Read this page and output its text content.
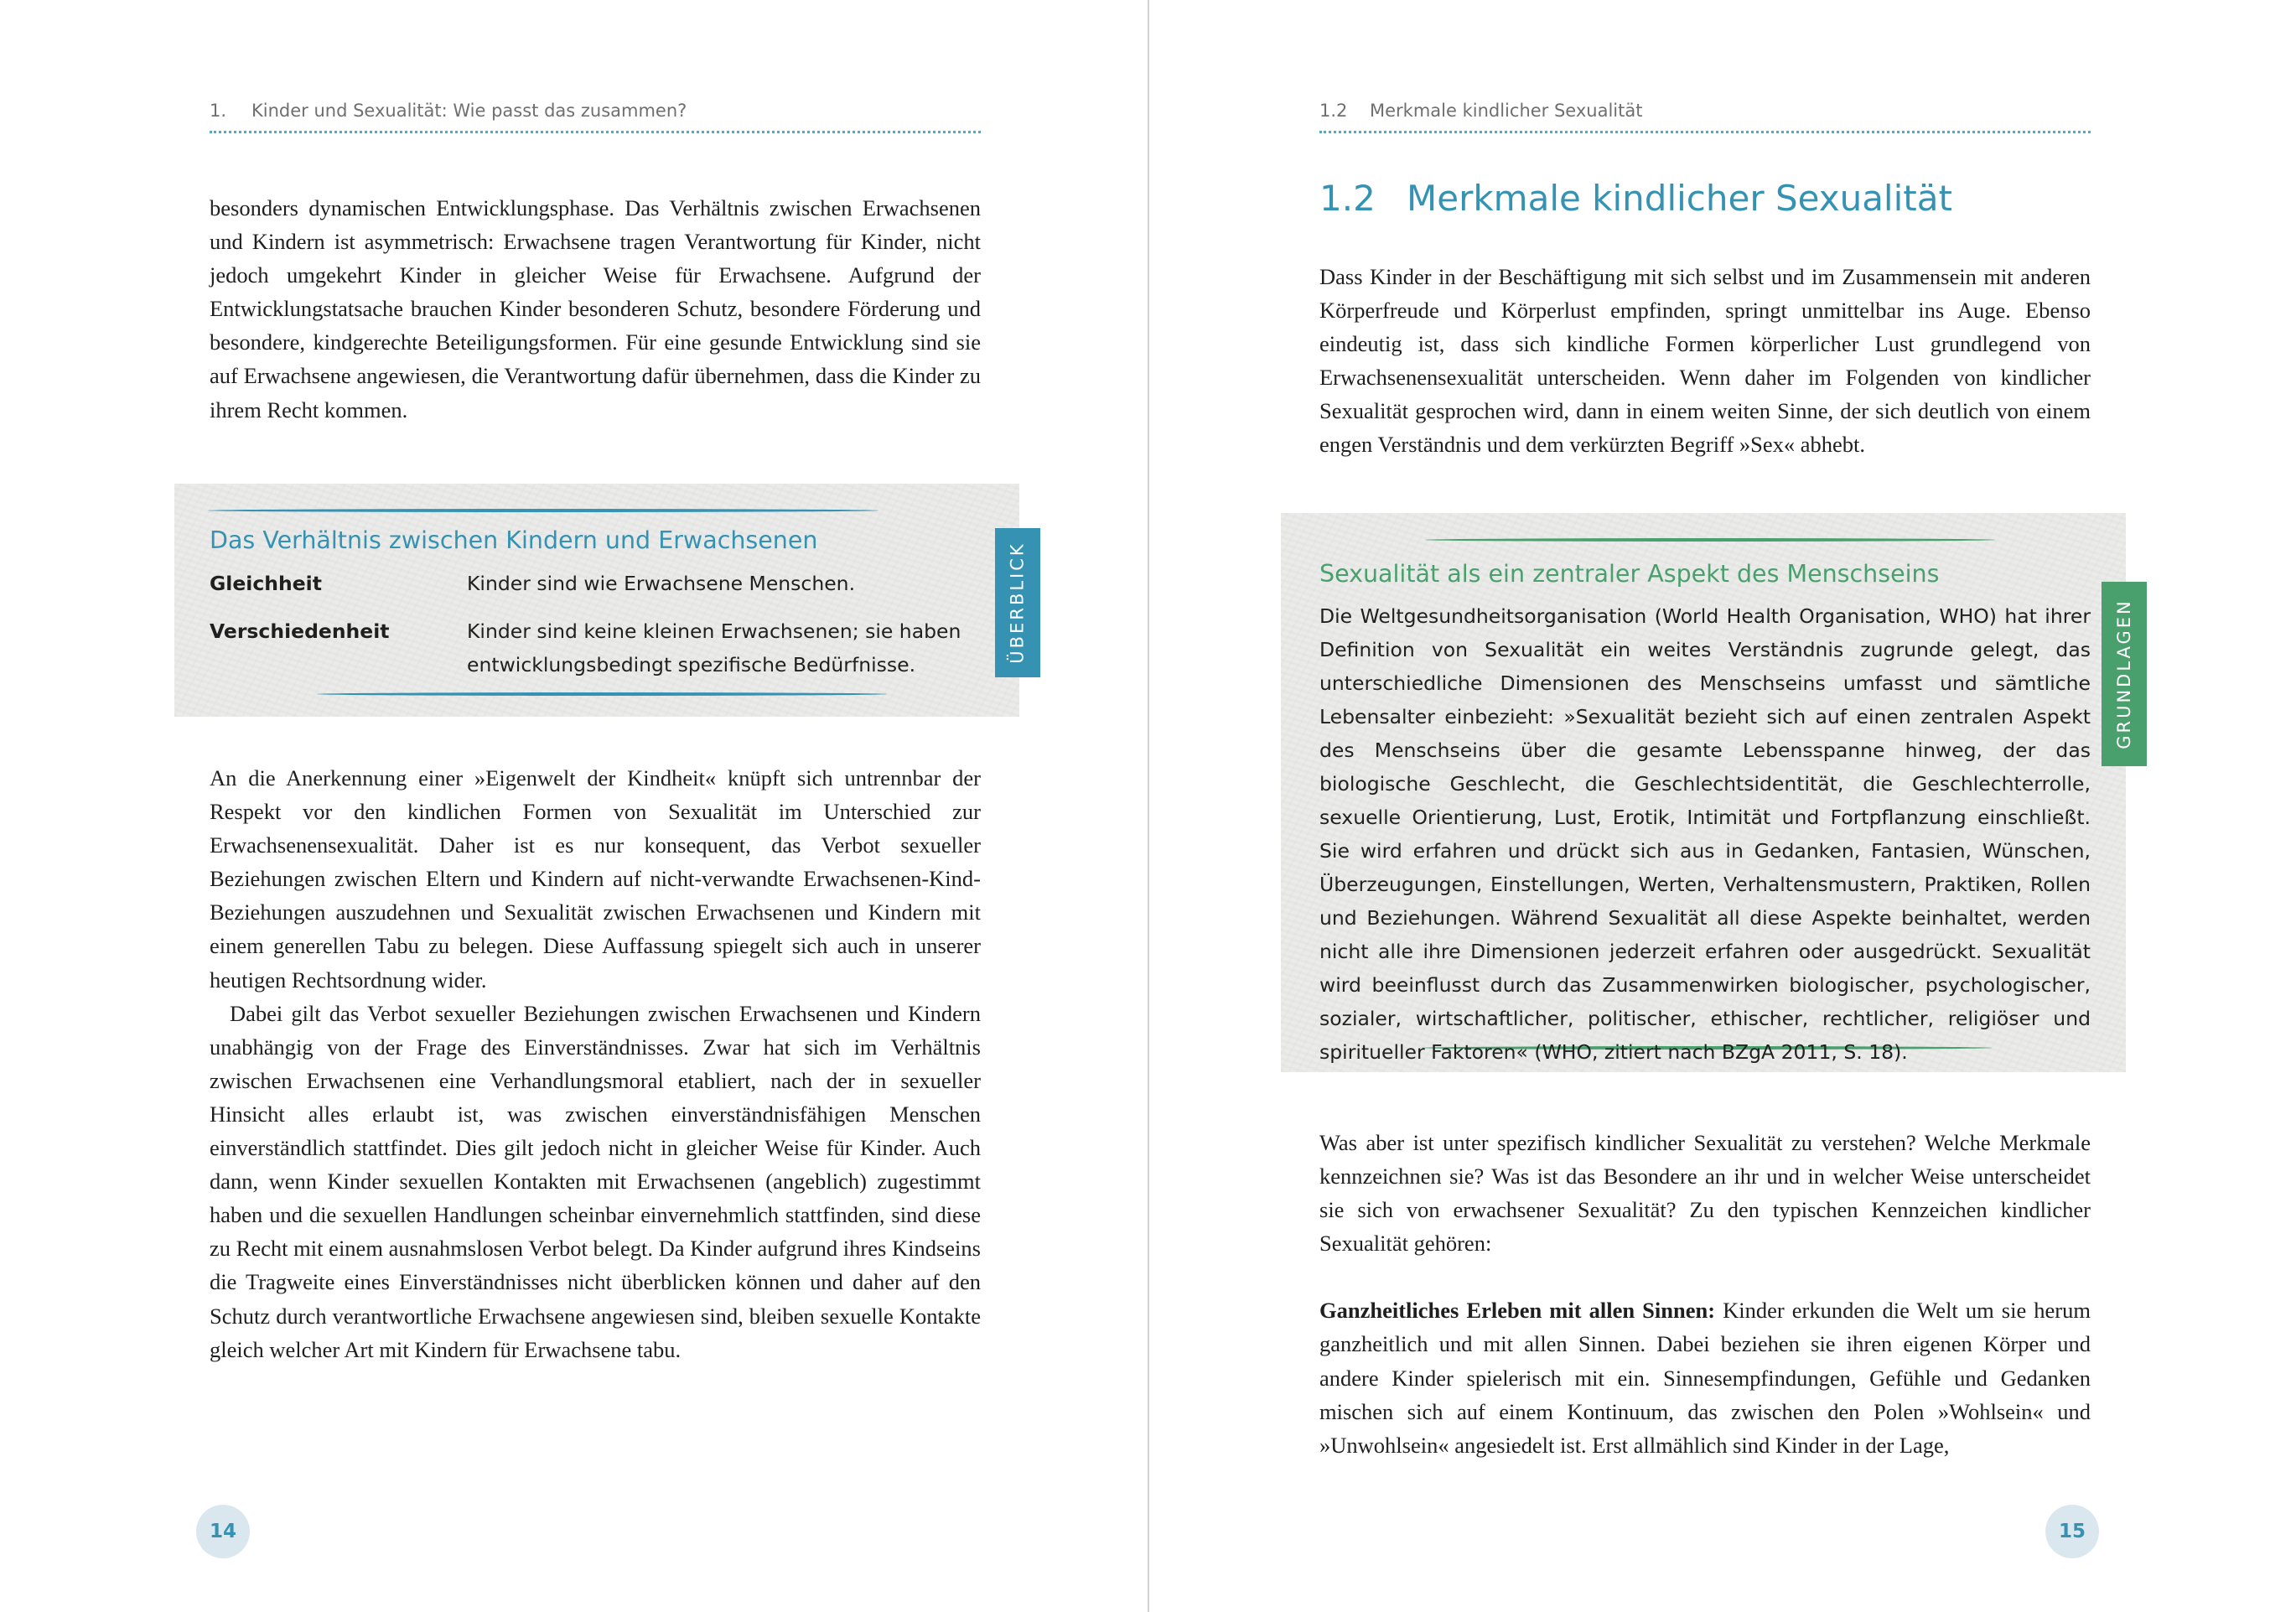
1. Kinder und Sexualität: Wie passt das zusammen?

besonders dynamischen Entwicklungsphase. Das Verhältnis zwischen Erwachsenen und Kindern ist asymmetrisch: Erwachsene tragen Verantwortung für Kinder, nicht jedoch umgekehrt Kinder in gleicher Weise für Erwachsene. Aufgrund der Entwicklungstatsache brauchen Kinder besonderen Schutz, besondere Förderung und besondere, kindgerechte Beteiligungsformen. Für eine gesunde Entwicklung sind sie auf Erwachsene angewiesen, die Verantwortung dafür übernehmen, dass die Kinder zu ihrem Recht kommen.

Das Verhältnis zwischen Kindern und Erwachsenen
Gleichheit	Kinder sind wie Erwachsene Menschen.
Verschiedenheit	Kinder sind keine kleinen Erwachsenen; sie haben entwicklungsbedingt spezifische Bedürfnisse.
ÜBERBLICK

An die Anerkennung einer »Eigenwelt der Kindheit« knüpft sich untrennbar der Respekt vor den kindlichen Formen von Sexualität im Unterschied zur Erwachsenensexualität. Daher ist es nur konsequent, das Verbot sexueller Beziehungen zwischen Eltern und Kindern auf nicht-verwandte Erwachsenen-Kind-Beziehungen auszudehnen und Sexualität zwischen Erwachsenen und Kindern mit einem generellen Tabu zu belegen. Diese Auffassung spiegelt sich auch in unserer heutigen Rechtsordnung wider.

Dabei gilt das Verbot sexueller Beziehungen zwischen Erwachsenen und Kindern unabhängig von der Frage des Einverständnisses. Zwar hat sich im Verhältnis zwischen Erwachsenen eine Verhandlungsmoral etabliert, nach der in sexueller Hinsicht alles erlaubt ist, was zwischen einverständnisfähigen Menschen einverständlich stattfindet. Dies gilt jedoch nicht in gleicher Weise für Kinder. Auch dann, wenn Kinder sexuellen Kontakten mit Erwachsenen (angeblich) zugestimmt haben und die sexuellen Handlungen scheinbar einvernehmlich stattfinden, sind diese zu Recht mit einem ausnahmslosen Verbot belegt. Da Kinder aufgrund ihres Kindseins die Tragweite eines Einverständnisses nicht überblicken können und daher auf den Schutz durch verantwortliche Erwachsene angewiesen sind, bleiben sexuelle Kontakte gleich welcher Art mit Kindern für Erwachsene tabu.

14
1.2 Merkmale kindlicher Sexualität
1.2 Merkmale kindlicher Sexualität

Dass Kinder in der Beschäftigung mit sich selbst und im Zusammensein mit anderen Körperfreude und Körperlust empfinden, springt unmittelbar ins Auge. Ebenso eindeutig ist, dass sich kindliche Formen körperlicher Lust grundlegend von Erwachsenensexualität unterscheiden. Wenn daher im Folgenden von kindlicher Sexualität gesprochen wird, dann in einem weiten Sinne, der sich deutlich von einem engen Verständnis und dem verkürzten Begriff »Sex« abhebt.

Sexualität als ein zentraler Aspekt des Menschseins
GRUNDLAGEN

Was aber ist unter spezifisch kindlicher Sexualität zu verstehen? Welche Merkmale kennzeichnen sie? Was ist das Besondere an ihr und in welcher Weise unterscheidet sie sich von erwachsener Sexualität? Zu den typischen Kennzeichen kindlicher Sexualität gehören:

Ganzheitliches Erleben mit allen Sinnen: Kinder erkunden die Welt um sie herum ganzheitlich und mit allen Sinnen. Dabei beziehen sie ihren eigenen Körper und andere Kinder spielerisch mit ein. Sinnesempfindungen, Gefühle und Gedanken mischen sich auf einem Kontinuum, das zwischen den Polen »Wohlsein« und »Unwohlsein« angesiedelt ist. Erst allmählich sind Kinder in der Lage,

15

Die Weltgesundheitsorganisation (World Health Organisation, WHO) hat ihrer Definition von Sexualität ein weites Verständnis zugrunde gelegt, das unterschiedliche Dimensionen des Menschseins umfasst und sämtliche Lebensalter einbezieht: »Sexualität bezieht sich auf einen zentralen Aspekt des Menschseins über die gesamte Lebensspanne hinweg, der das biologische Geschlecht, die Geschlechtsidentität, die Geschlechterrolle, sexuelle Orientierung, Lust, Erotik, Intimität und Fortpflanzung einschließt. Sie wird erfahren und drückt sich aus in Gedanken, Fantasien, Wünschen, Überzeugungen, Einstellungen, Werten, Verhaltensmustern, Praktiken, Rollen und Beziehungen. Während Sexualität all diese Aspekte beinhaltet, werden nicht alle ihre Dimensionen jederzeit erfahren oder ausgedrückt. Sexualität wird beeinflusst durch das Zusammenwirken biologischer, psychologischer, sozialer, wirtschaftlicher, politischer, ethischer, rechtlicher, religiöser und spiritueller Faktoren« (WHO, zitiert nach BZgA 2011, S. 18).
